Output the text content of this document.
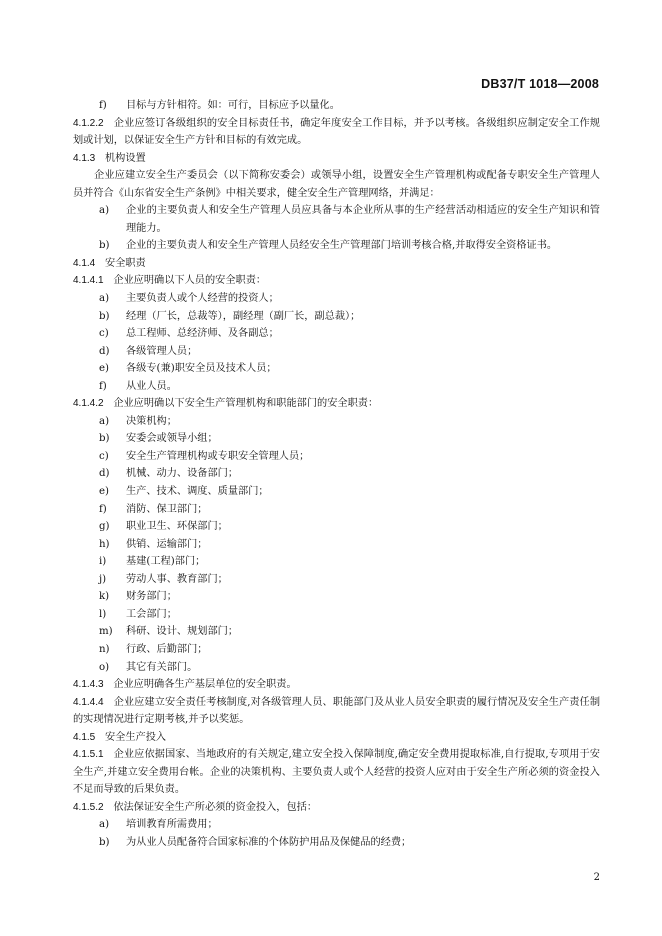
DB37/T 1018—2008
f)	目标与方针相符。如：可行，目标应予以量化。
4.1.2.2 企业应签订各级组织的安全目标责任书，确定年度安全工作目标，并予以考核。各级组织应制定安全工作规划或计划，以保证安全生产方针和目标的有效完成。
4.1.3 机构设置
企业应建立安全生产委员会（以下简称安委会）或领导小组，设置安全生产管理机构或配备专职安全生产管理人员并符合《山东省安全生产条例》中相关要求，健全安全生产管理网络，并满足：
a)	企业的主要负责人和安全生产管理人员应具备与本企业所从事的生产经营活动相适应的安全生产知识和管理能力。
b)	企业的主要负责人和安全生产管理人员经安全生产管理部门培训考核合格,并取得安全资格证书。
4.1.4 安全职责
4.1.4.1 企业应明确以下人员的安全职责：
a)	主要负责人或个人经营的投资人；
b)	经理（厂长，总裁等），副经理（副厂长，副总裁）；
c)	总工程师、总经济师、及各副总；
d)	各级管理人员；
e)	各级专(兼)职安全员及技术人员；
f)	从业人员。
4.1.4.2 企业应明确以下安全生产管理机构和职能部门的安全职责：
a)	决策机构；
b)	安委会或领导小组；
c)	安全生产管理机构或专职安全管理人员；
d)	机械、动力、设备部门；
e)	生产、技术、调度、质量部门；
f)	消防、保卫部门；
g)	职业卫生、环保部门；
h)	供销、运输部门；
i)	基建(工程)部门；
j)	劳动人事、教育部门；
k)	财务部门；
l)	工会部门；
m)	科研、设计、规划部门；
n)	行政、后勤部门；
o)	其它有关部门。
4.1.4.3 企业应明确各生产基层单位的安全职责。
4.1.4.4 企业应建立安全责任考核制度,对各级管理人员、职能部门及从业人员安全职责的履行情况及安全生产责任制的实现情况进行定期考核,并予以奖惩。
4.1.5 安全生产投入
4.1.5.1 企业应依据国家、当地政府的有关规定,建立安全投入保障制度,确定安全费用提取标准,自行提取,专项用于安全生产,并建立安全费用台帐。企业的决策机构、主要负责人或个人经营的投资人应对由于安全生产所必须的资金投入不足而导致的后果负责。
4.1.5.2 依法保证安全生产所必须的资金投入，包括：
a)	培训教育所需费用；
b)	为从业人员配备符合国家标准的个体防护用品及保健品的经费；
2
